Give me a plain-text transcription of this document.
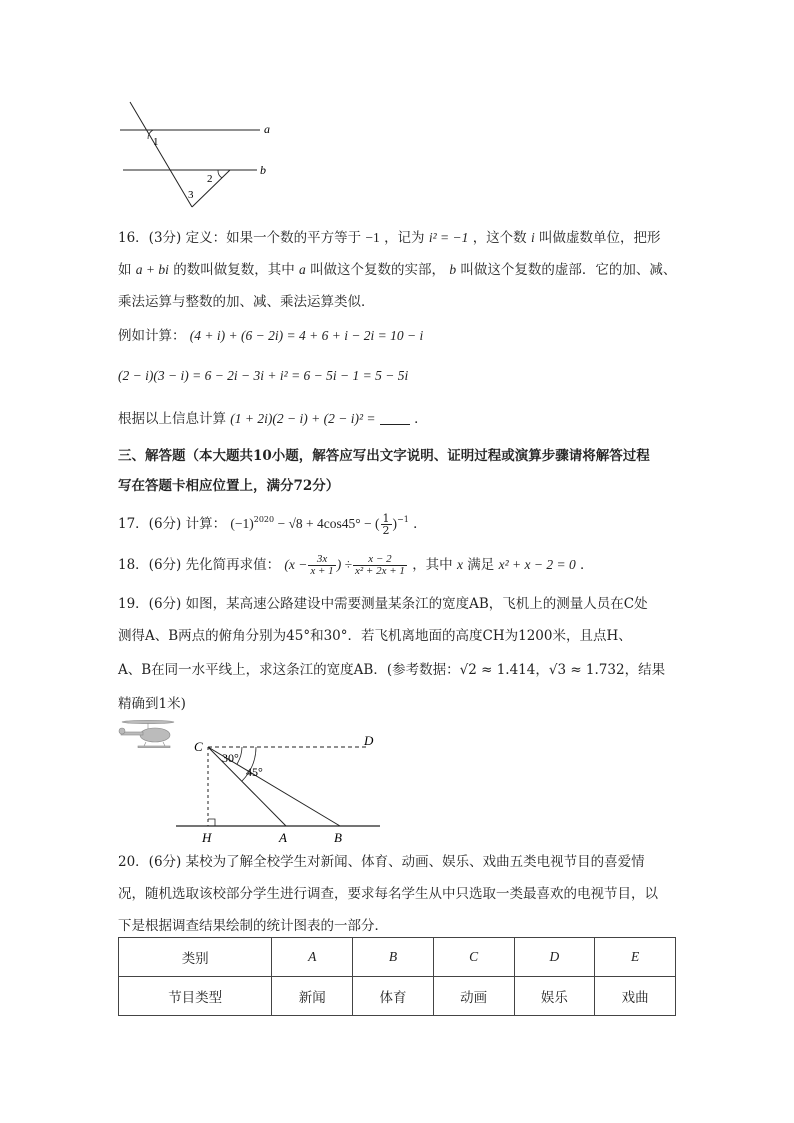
1
2
3
a
b
16．(3分) 定义：如果一个数的平方等于 −1 ，记为 i² = −1 ，这个数 i 叫做虚数单位，把形
如 a + bi 的数叫做复数，其中 a 叫做这个复数的实部， b 叫做这个复数的虚部．它的加、减、
乘法运算与整数的加、减、乘法运算类似．
例如计算： (4 + i) + (6 − 2i) = 4 + 6 + i − 2i = 10 − i
(2 − i)(3 − i) = 6 − 2i − 3i + i² = 6 − 5i − 1 = 5 − 5i
根据以上信息计算 (1 + 2i)(2 − i) + (2 − i)² =	．
三、解答题（本大题共10小题，解答应写出文字说明、证明过程或演算步骤请将解答过程
写在答题卡相应位置上，满分72分）
17．(6分) 计算： $(-1)^{2020} - √8 + 4\cos 45^\circ$ − ( $\frac{1}{2} )^{-1}$ ．
18．(6分) 先化简再求值： ($x - \frac{3x}{x + 1}$ ) ÷ $\frac{x - 2}{\text{x² + 2x + 1}}$ ，其中 x 满足 x² + x − 2 = 0 ．
19．(6分) 如图，某高速公路建设中需要测量某条江的宽度AB，飞机上的测量人员在C处
测得A、B两点的俯角分别为45°和30°．若飞机离地面的高度CH为1200米，且点H、
A、B在同一水平线上，求这条江的宽度AB．(参考数据：√2 ≈ 1.414，√3 ≈ 1.732，结果
精确到1米)
C	D
H	A	B
30°
45°
20．(6分) 某校为了解全校学生对新闻、体育、动画、娱乐、戏曲五类电视节目的喜爱情
况，随机选取该校部分学生进行调查，要求每名学生从中只选取一类最喜欢的电视节目，以
下是根据调查结果绘制的统计图表的一部分．
类别	A	B	C	D	E
节目类型	新闻	体育	动画	娱乐	戏曲
